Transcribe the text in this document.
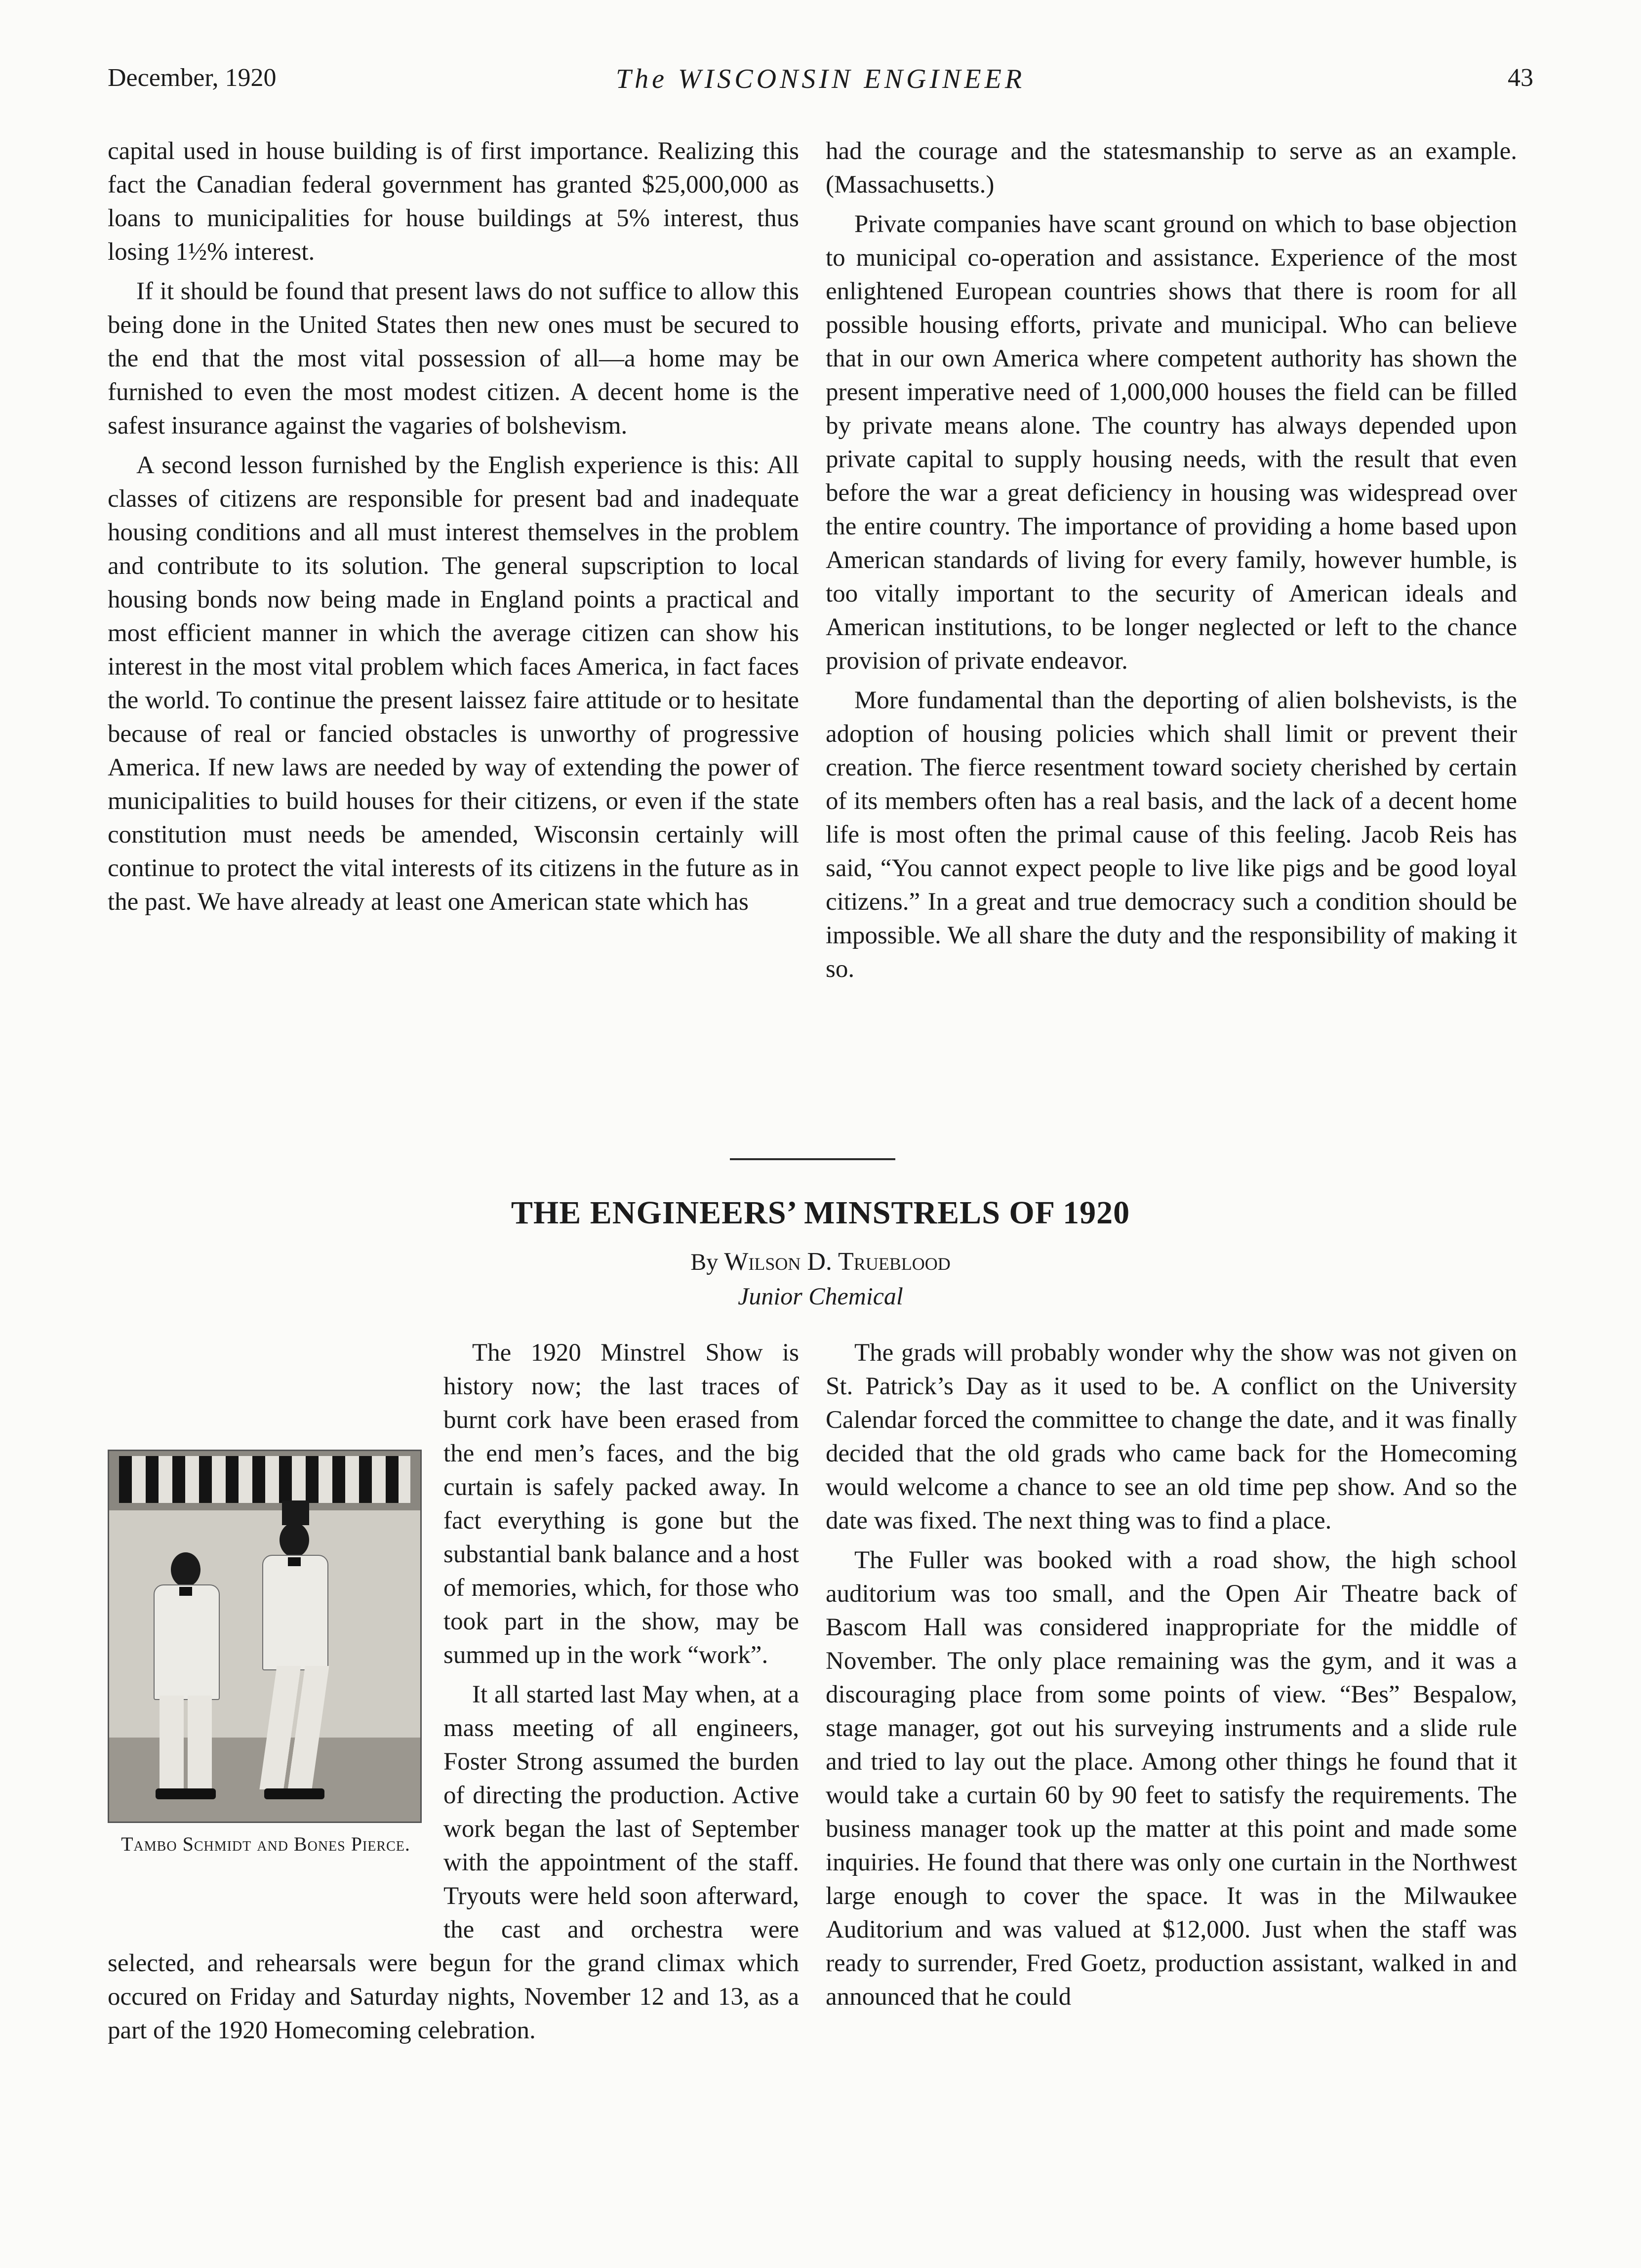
December, 1920	The WISCONSIN ENGINEER	43

capital used in house building is of first importance. Realizing this fact the Canadian federal government has granted $25,000,000 as loans to municipalities for house buildings at 5% interest, thus losing 1½% interest.

If it should be found that present laws do not suffice to allow this being done in the United States then new ones must be secured to the end that the most vital possession of all—a home may be furnished to even the most modest citizen. A decent home is the safest insurance against the vagaries of bolshevism.

A second lesson furnished by the English experience is this: All classes of citizens are responsible for present bad and inadequate housing conditions and all must interest themselves in the problem and contribute to its solution. The general supscription to local housing bonds now being made in England points a practical and most efficient manner in which the average citizen can show his interest in the most vital problem which faces America, in fact faces the world. To continue the present laissez faire attitude or to hesitate because of real or fancied obstacles is unworthy of progressive America. If new laws are needed by way of extending the power of municipalities to build houses for their citizens, or even if the state constitution must needs be amended, Wisconsin certainly will continue to protect the vital interests of its citizens in the future as in the past. We have already at least one American state which has

had the courage and the statesmanship to serve as an example. (Massachusetts.)

Private companies have scant ground on which to base objection to municipal co-operation and assistance. Experience of the most enlightened European countries shows that there is room for all possible housing efforts, private and municipal. Who can believe that in our own America where competent authority has shown the present imperative need of 1,000,000 houses the field can be filled by private means alone. The country has always depended upon private capital to supply housing needs, with the result that even before the war a great deficiency in housing was widespread over the entire country. The importance of providing a home based upon American standards of living for every family, however humble, is too vitally important to the security of American ideals and American institutions, to be longer neglected or left to the chance provision of private endeavor.

More fundamental than the deporting of alien bolshevists, is the adoption of housing policies which shall limit or prevent their creation. The fierce resentment toward society cherished by certain of its members often has a real basis, and the lack of a decent home life is most often the primal cause of this feeling. Jacob Reis has said, “You cannot expect people to live like pigs and be good loyal citizens.” In a great and true democracy such a condition should be impossible. We all share the duty and the responsibility of making it so.

THE ENGINEERS’ MINSTRELS OF 1920
By Wilson D. Trueblood
Junior Chemical
Tambo Schmidt and Bones Pierce.

The 1920 Minstrel Show is history now; the last traces of burnt cork have been erased from the end men’s faces, and the big curtain is safely packed away. In fact everything is gone but the substantial bank balance and a host of memories, which, for those who took part in the show, may be summed up in the work “work”.

It all started last May when, at a mass meeting of all engineers, Foster Strong assumed the burden of directing the production. Active work began the last of September with the appointment of the staff. Tryouts were held soon afterward, the cast and orchestra were selected, and rehearsals were begun for the grand climax which occured on Friday and Saturday nights, November 12 and 13, as a part of the 1920 Homecoming celebration.

The grads will probably wonder why the show was not given on St. Patrick’s Day as it used to be. A conflict on the University Calendar forced the committee to change the date, and it was finally decided that the old grads who came back for the Homecoming would welcome a chance to see an old time pep show. And so the date was fixed. The next thing was to find a place.

The Fuller was booked with a road show, the high school auditorium was too small, and the Open Air Theatre back of Bascom Hall was considered inappropriate for the middle of November. The only place remaining was the gym, and it was a discouraging place from some points of view. “Bes” Bespalow, stage manager, got out his surveying instruments and a slide rule and tried to lay out the place. Among other things he found that it would take a curtain 60 by 90 feet to satisfy the requirements. The business manager took up the matter at this point and made some inquiries. He found that there was only one curtain in the Northwest large enough to cover the space. It was in the Milwaukee Auditorium and was valued at $12,000. Just when the staff was ready to surrender, Fred Goetz, production assistant, walked in and announced that he could
